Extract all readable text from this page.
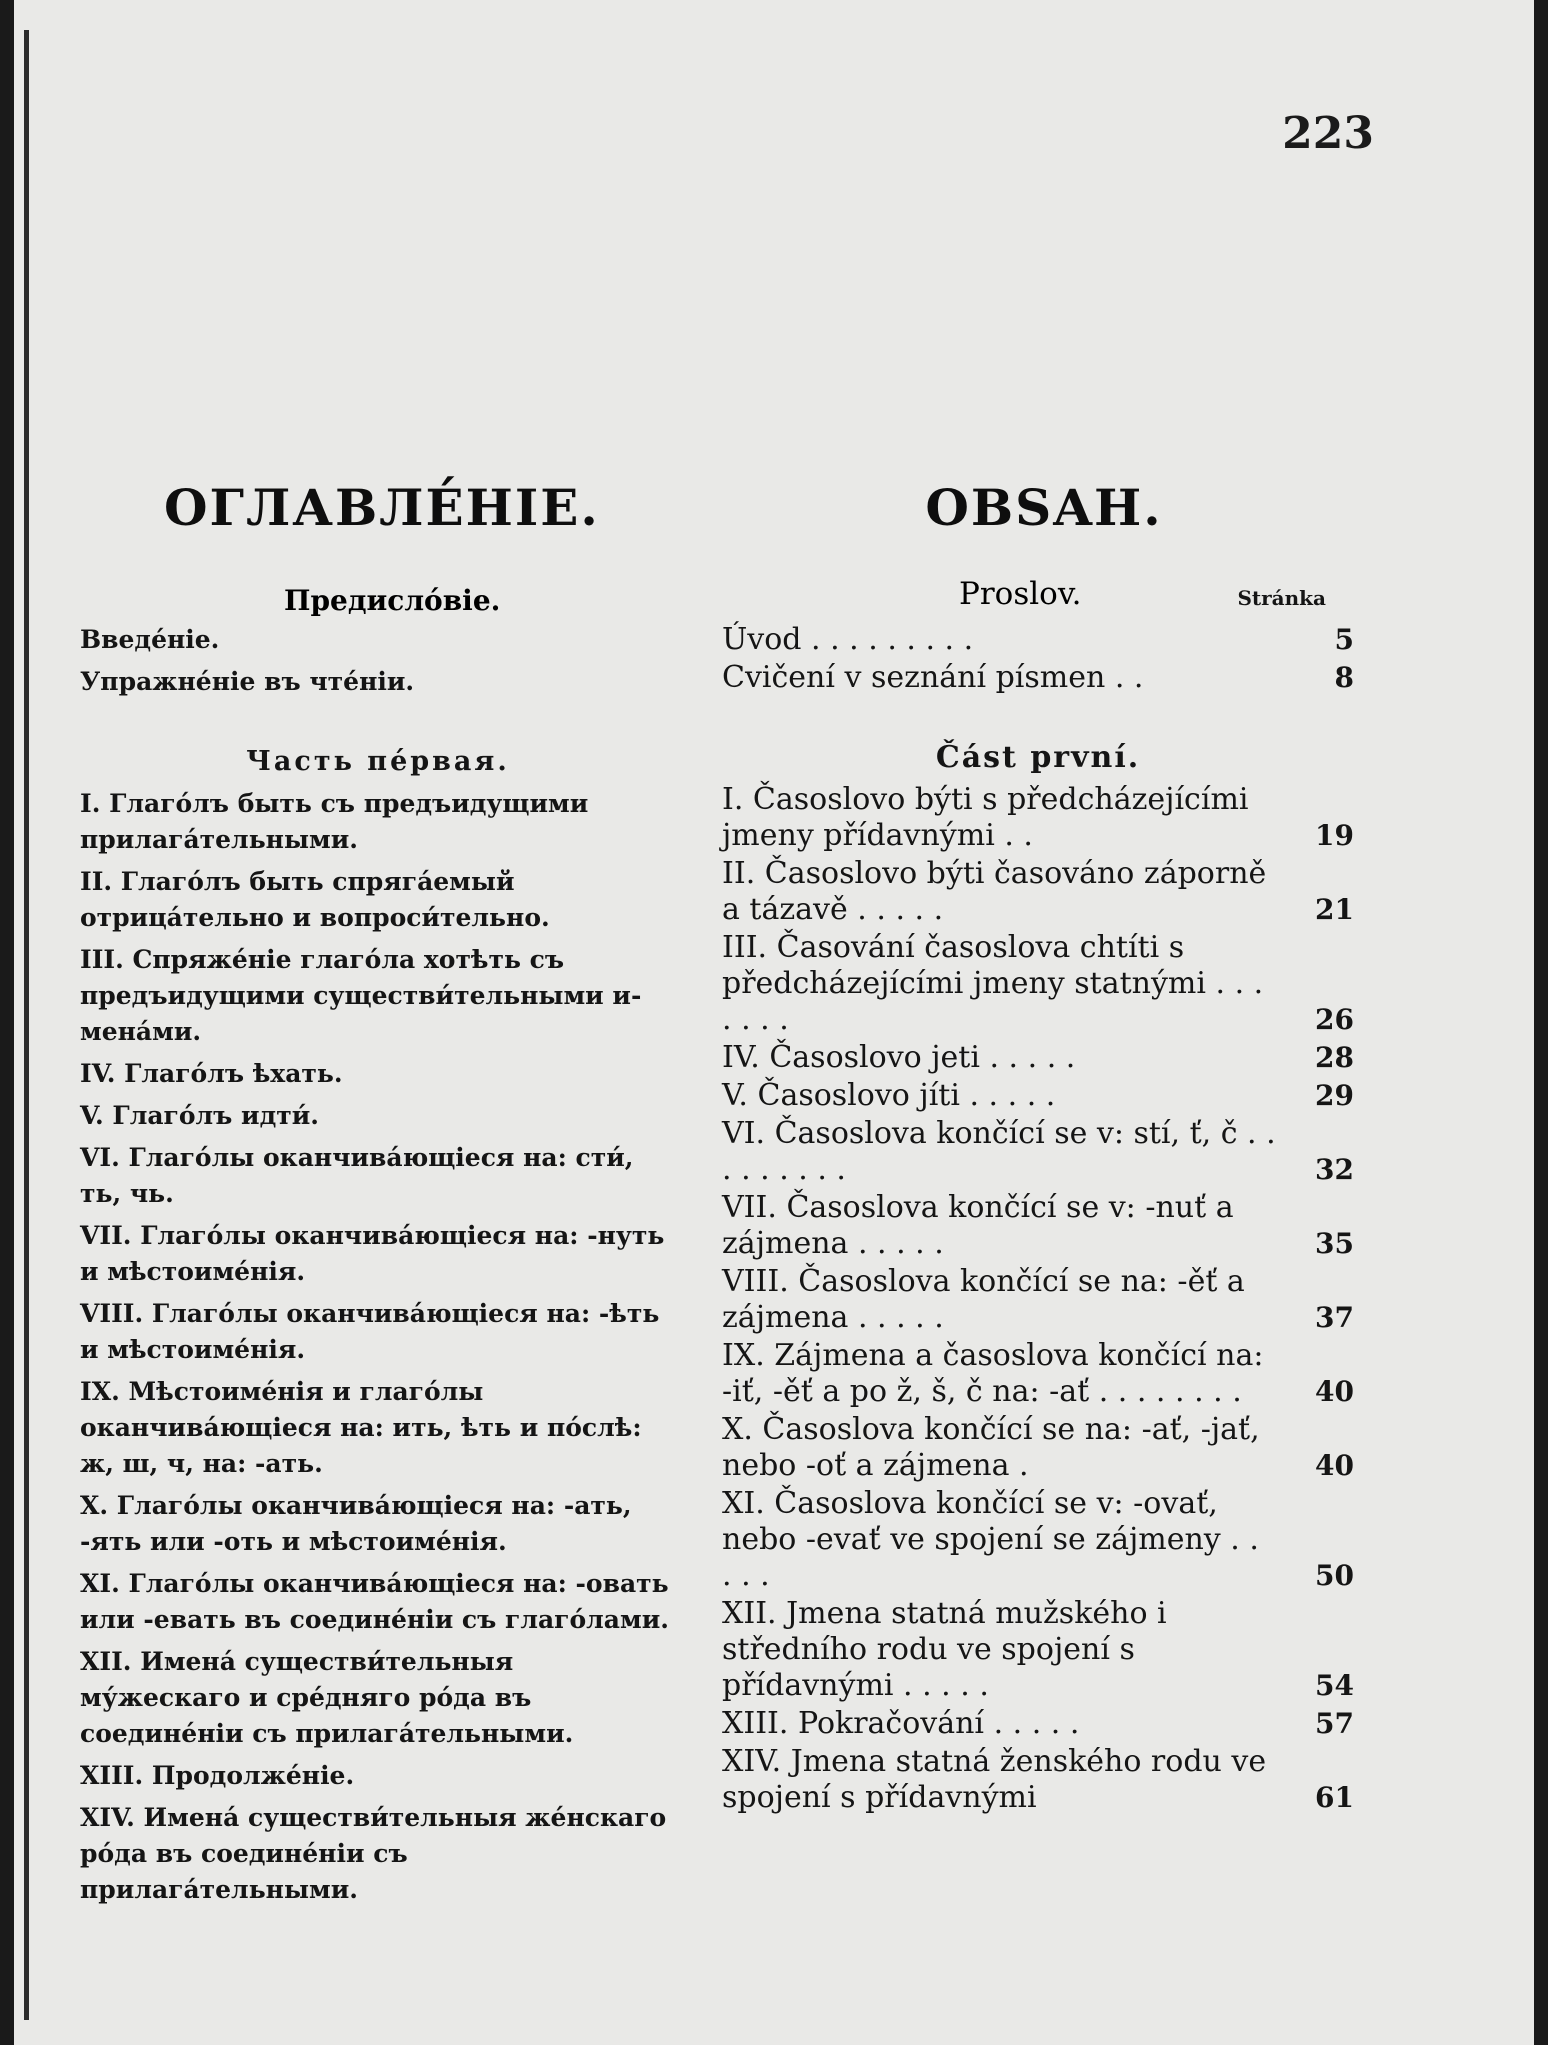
223
ОГЛАВЛЕ́НІЕ.	OBSAH.
Предисло́віе.	Proslov.
Введе́ніе.
Упражне́ніе въ чте́ніи.
Часть пе́рвая.
I. Глаго́лъ быть съ предъидущими прилага́тельными.
II. Глаго́лъ быть спряга́емый отрица́тельно и вопроси́тельно.
III. Спряже́ніе глаго́ла хотѣть съ предъидущими существи́тельными и-мена́ми.
IV. Глаго́лъ ѣхать.
V. Глаго́лъ идти́.
VI. Глаго́лы оканчива́ющіеся на: сти́, ть, чь.
VII. Глаго́лы оканчива́ющіеся на: -нуть и мѣстоиме́нія.
VIII. Глаго́лы оканчива́ющіеся на: -ѣть и мѣстоиме́нія.
IX. Мѣстоиме́нія и глаго́лы оканчива́ющіеся на: ить, ѣть и по́слѣ: ж, ш, ч, на: -ать.
X. Глаго́лы оканчива́ющіеся на: -ать, -ять или -оть и мѣстоиме́нія.
XI. Глаго́лы оканчива́ющіеся на: -овать или -евать въ соедине́ніи съ глаго́лами.
XII. Имена́ существи́тельныя му́жескаго и сре́дняго ро́да въ соедине́ніи съ прилага́тельными.
XIII. Продолже́ніе.
XIV. Имена́ существи́тельныя же́нскаго ро́да въ соедине́ніи съ прилага́тельными.
Stránka
Úvod . . . . . . . . .	5
Cvičení v seznání písmen . .	8
Část první.
I. Časoslovo býti s předcházejícími jmeny přídavnými . .	19
II. Časoslovo býti časováno záporně a tázavě . . . . .	21
III. Časování časoslova chtíti s předcházejícími jmeny statnými . . . . . . .	26
IV. Časoslovo jeti . . . . .	28
V. Časoslovo jíti . . . . .	29
VI. Časoslova končící se v: stí, ť, č . . . . . . . . .	32
VII. Časoslova končící se v: -nuť a zájmena . . . . .	35
VIII. Časoslova končící se na: -ěť a zájmena . . . . .	37
IX. Zájmena a časoslova končící na: -iť, -ěť a po ž, š, č na: -ať . . . . . . . .	40
X. Časoslova končící se na: -ať, -jať, nebo -oť a zájmena .	40
XI. Časoslova končící se v: -ovať, nebo -evať ve spojení se zájmeny . . . . .	50
XII. Jmena statná mužského i středního rodu ve spojení s přídavnými . . . . .	54
XIII. Pokračování . . . . .	57
XIV. Jmena statná ženského rodu ve spojení s přídavnými	61
